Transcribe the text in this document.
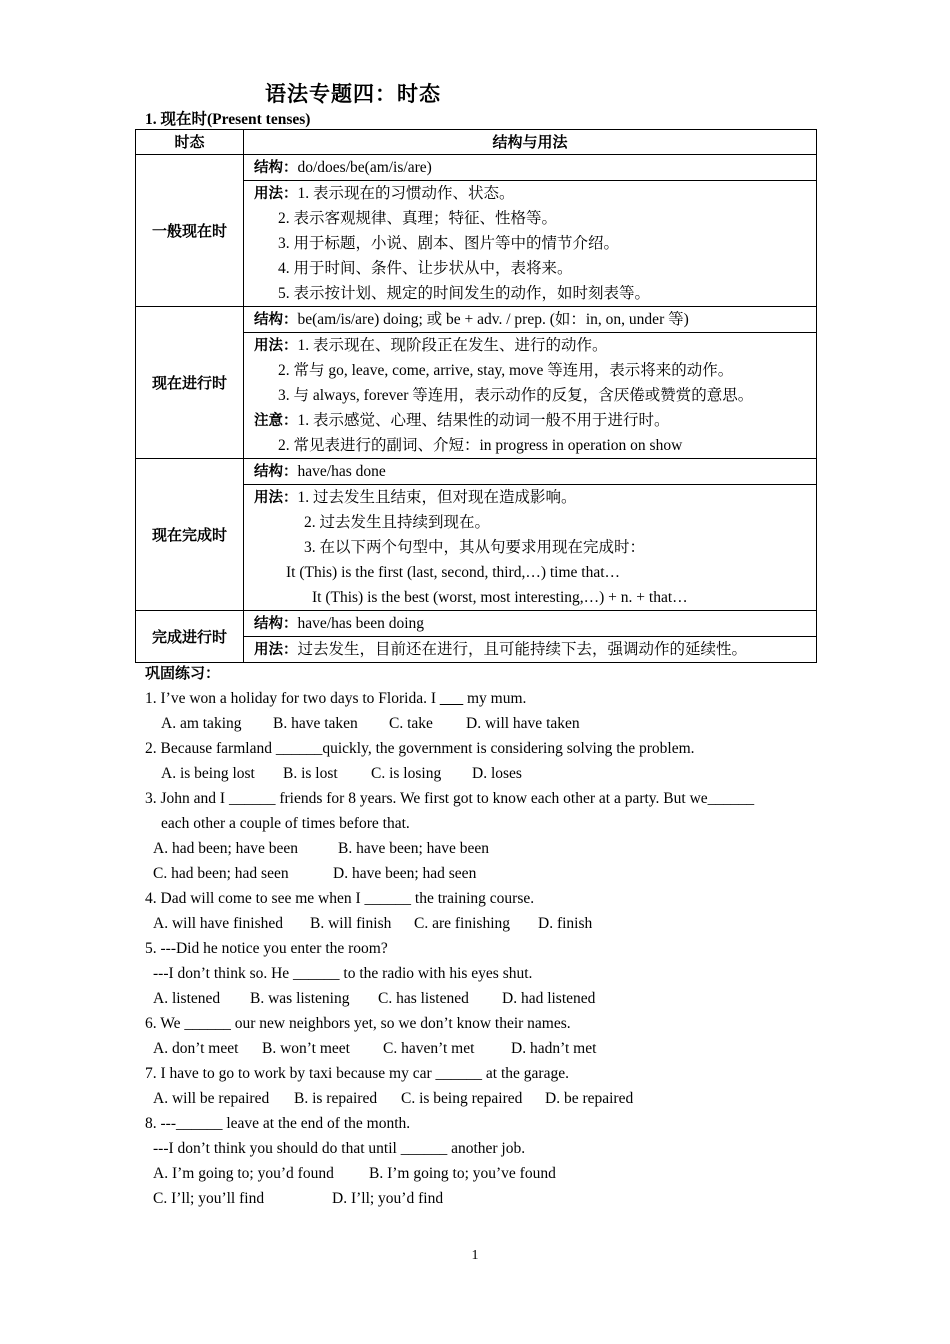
语法专题四：时态
1. 现在时(Present tenses)
时态	结构与用法
一般现在时	结构：do/does/be(am/is/are)

	用法：1. 表示现在的习惯动作、状态。
2. 表示客观规律、真理；特征、性格等。
3. 用于标题，小说、剧本、图片等中的情节介绍。
4. 用于时间、条件、让步状从中，表将来。
5. 表示按计划、规定的时间发生的动作，如时刻表等。

现在进行时	结构：be(am/is/are) doing; 或 be + adv. / prep. (如：in, on, under 等)

	用法：1. 表示现在、现阶段正在发生、进行的动作。
2. 常与 go, leave, come, arrive, stay, move 等连用，表示将来的动作。
3. 与 always, forever 等连用，表示动作的反复，含厌倦或赞赏的意思。
注意：1. 表示感觉、心理、结果性的动词一般不用于进行时。
2. 常见表进行的副词、介短：in progress in operation on show

现在完成时	结构：have/has done

	用法：1. 过去发生且结束，但对现在造成影响。
2. 过去发生且持续到现在。
3. 在以下两个句型中，其从句要求用现在完成时：
It (This) is the first (last, second, third,…) time that…
It (This) is the best (worst, most interesting,…) + n. + that…

完成进行时	结构：have/has been doing

	用法：过去发生，目前还在进行，且可能持续下去，强调动作的延续性。
巩固练习：
1. I’ve won a holiday for two days to Florida. I ___ my mum.
A. am taking B. have taken C. take D. will have taken
2. Because farmland ______quickly, the government is considering solving the problem.
A. is being lost B. is lost C. is losing D. loses
3. John and I ______ friends for 8 years. We first got to know each other at a party. But we______
each other a couple of times before that.
A. had been; have been	B. have been; have been
C. had been; had seen	D. have been; had seen
4. Dad will come to see me when I ______ the training course.
A. will have finished B. will finish C. are finishing D. finish
5. ---Did he notice you enter the room?
---I don’t think so. He ______ to the radio with his eyes shut.
A. listened B. was listening C. has listened D. had listened
6. We ______ our new neighbors yet, so we don’t know their names.
A. don’t meet B. won’t meet C. haven’t met D. hadn’t met
7. I have to go to work by taxi because my car ______ at the garage.
A. will be repaired B. is repaired C. is being repaired D. be repaired
8. ---______ leave at the end of the month.
---I don’t think you should do that until ______ another job.
A. I’m going to; you’d found B. I’m going to; you’ve found
C. I’ll; you’ll find	D. I’ll; you’d find
1
